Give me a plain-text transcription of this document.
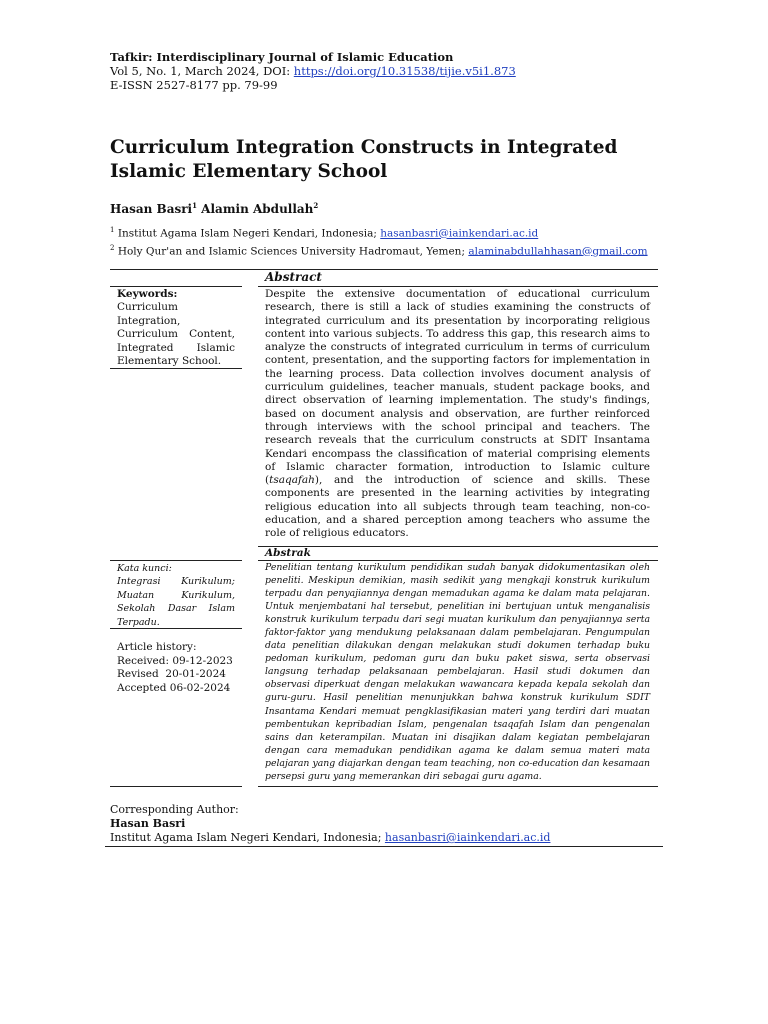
Tafkir: Interdisciplinary Journal of Islamic Education
Vol 5, No. 1, March 2024, DOI: https://doi.org/10.31538/tijie.v5i1.873
E-ISSN 2527-8177 pp. 79-99
Curriculum Integration Constructs in Integrated Islamic Elementary School
Hasan Basri$^1$ Alamin Abdullah$^2$
$^1$ Institut Agama Islam Negeri Kendari, Indonesia; hasanbasri@iainkendari.ac.id
$^2$ Holy Qur'an and Islamic Sciences University Hadromaut, Yemen; alaminabdullahhasan@gmail.com
Abstract
Keywords:
Curriculum
Integration,
Curriculum Content,
Integrated Islamic
Elementary School.
Despite the extensive documentation of educational curriculum research, there is still a lack of studies examining the constructs of integrated curriculum and its presentation by incorporating religious content into various subjects. To address this gap, this research aims to analyze the constructs of integrated curriculum in terms of curriculum content, presentation, and the supporting factors for implementation in the learning process. Data collection involves document analysis of curriculum guidelines, teacher manuals, student package books, and direct observation of learning implementation. The study's findings, based on document analysis and observation, are further reinforced through interviews with the school principal and teachers. The research reveals that the curriculum constructs at SDIT Insantama Kendari encompass the classification of material comprising elements of Islamic character formation, introduction to Islamic culture (tsaqafah), and the introduction of science and skills. These components are presented in the learning activities by integrating religious education into all subjects through team teaching, non-co-education, and a shared perception among teachers who assume the role of religious educators.
Abstrak
Kata kunci:
Integrasi Kurikulum;
Muatan Kurikulum,
Sekolah Dasar Islam
Terpadu.
Article history:
Received: 09-12-2023
Revised  20-01-2024
Accepted 06-02-2024
Penelitian tentang kurikulum pendidikan sudah banyak didokumentasikan oleh peneliti. Meskipun demikian, masih sedikit yang mengkaji konstruk kurikulum terpadu dan penyajiannya dengan memadukan agama ke dalam mata pelajaran. Untuk menjembatani hal tersebut, penelitian ini bertujuan untuk menganalisis konstruk kurikulum terpadu dari segi muatan kurikulum dan penyajiannya serta faktor-faktor yang mendukung pelaksanaan dalam pembelajaran. Pengumpulan data penelitian dilakukan dengan melakukan studi dokumen terhadap buku pedoman kurikulum, pedoman guru dan buku paket siswa, serta observasi langsung terhadap pelaksanaan pembelajaran. Hasil studi dokumen dan observasi diperkuat dengan melakukan wawancara kepada kepala sekolah dan guru-guru. Hasil penelitian menunjukkan bahwa konstruk kurikulum SDIT Insantama Kendari memuat pengklasifikasian materi yang terdiri dari muatan pembentukan kepribadian Islam, pengenalan tsaqafah Islam dan pengenalan sains dan keterampilan. Muatan ini disajikan dalam kegiatan pembelajaran dengan cara memadukan pendidikan agama ke dalam semua materi mata pelajaran yang diajarkan dengan team teaching, non co-education dan kesamaan persepsi guru yang memerankan diri sebagai guru agama.
Corresponding Author:
Hasan Basri
Institut Agama Islam Negeri Kendari, Indonesia; hasanbasri@iainkendari.ac.id
